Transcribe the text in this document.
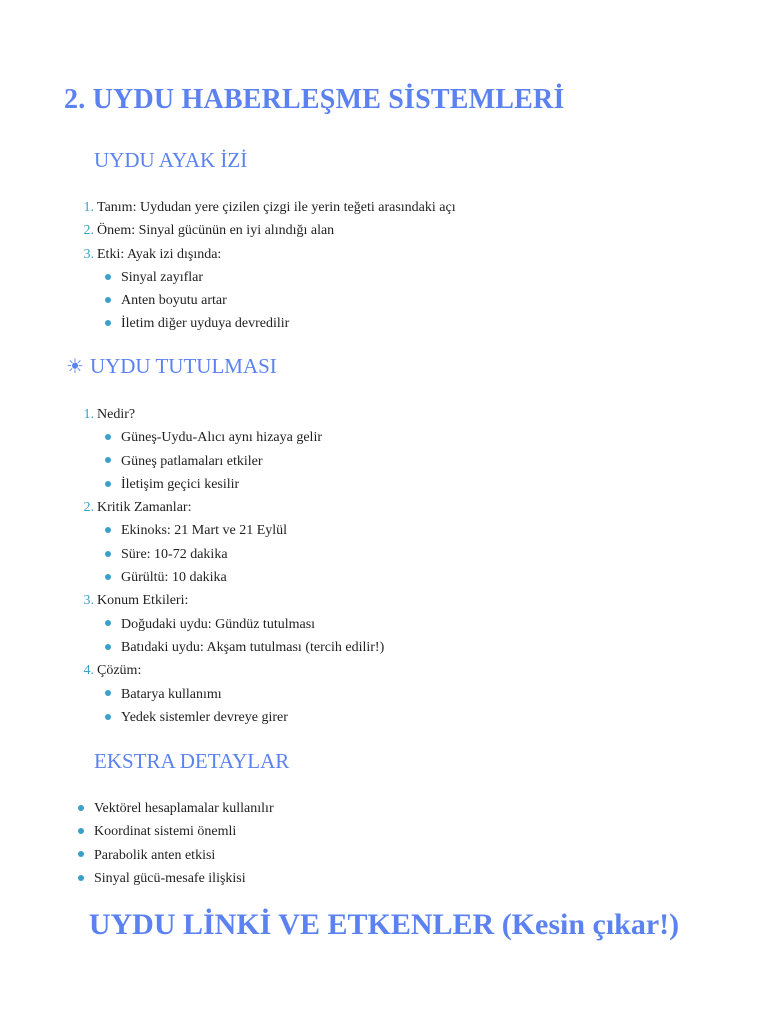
2. UYDU HABERLEŞME SİSTEMLERİ
UYDU AYAK İZİ
1. Tanım: Uydudan yere çizilen çizgi ile yerin teğeti arasındaki açı
2. Önem: Sinyal gücünün en iyi alındığı alan
3. Etki: Ayak izi dışında:
Sinyal zayıflar
Anten boyutu artar
İletim diğer uyduya devredilir
☀ UYDU TUTULMASI
1. Nedir?
Güneş-Uydu-Alıcı aynı hizaya gelir
Güneş patlamaları etkiler
İletişim geçici kesilir
2. Kritik Zamanlar:
Ekinoks: 21 Mart ve 21 Eylül
Süre: 10-72 dakika
Gürültü: 10 dakika
3. Konum Etkileri:
Doğudaki uydu: Gündüz tutulması
Batıdaki uydu: Akşam tutulması (tercih edilir!)
4. Çözüm:
Batarya kullanımı
Yedek sistemler devreye girer
EKSTRA DETAYLAR
Vektörel hesaplamalar kullanılır
Koordinat sistemi önemli
Parabolik anten etkisi
Sinyal gücü-mesafe ilişkisi
UYDU LİNKİ VE ETKENLER (Kesin çıkar!)
